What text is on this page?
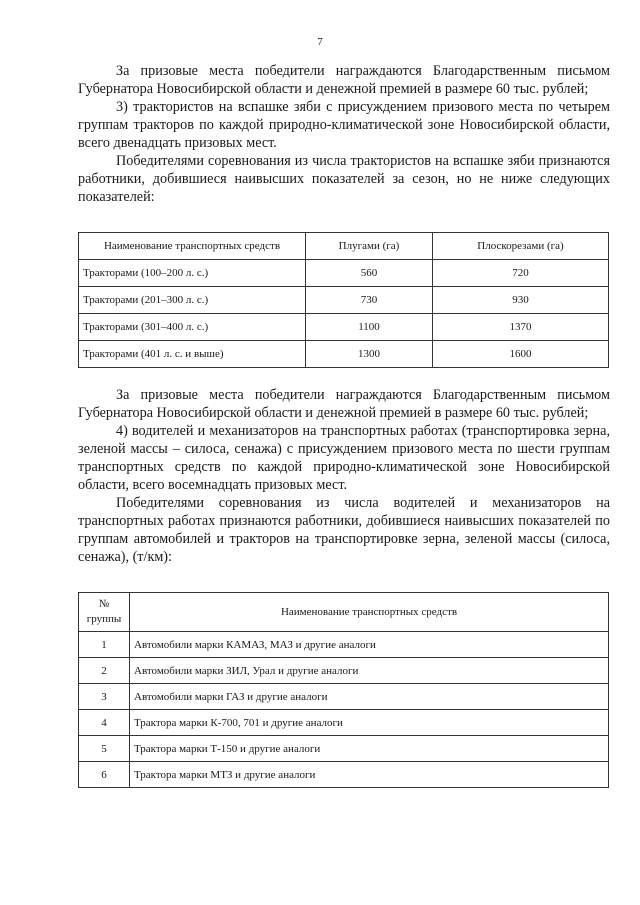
7

За призовые места победители награждаются Благодарственным письмом Губернатора Новосибирской области и денежной премией в размере 60 тыс. рублей;

3) трактористов на вспашке зяби с присуждением призового места по четырем группам тракторов по каждой природно-климатической зоне Новосибирской области, всего двенадцать призовых мест.

Победителями соревнования из числа трактористов на вспашке зяби признаются работники, добившиеся наивысших показателей за сезон, но не ниже следующих показателей:

Наименование транспортных средств	Плугами (га)	Плоскорезами (га)
Тракторами (100–200 л. с.)	560	720
Тракторами (201–300 л. с.)	730	930
Тракторами (301–400 л. с.)	1100	1370
Тракторами (401 л. с. и выше)	1300	1600

За призовые места победители награждаются Благодарственным письмом Губернатора Новосибирской области и денежной премией в размере 60 тыс. рублей;

4) водителей и механизаторов на транспортных работах (транспортировка зерна, зеленой массы – силоса, сенажа) с присуждением призового места по шести группам транспортных средств по каждой природно-климатической зоне Новосибирской области, всего восемнадцать призовых мест.

Победителями соревнования из числа водителей и механизаторов на транспортных работах признаются работники, добившиеся наивысших показателей по группам автомобилей и тракторов на транспортировке зерна, зеленой массы (силоса, сенажа), (т/км):

№ группы	Наименование транспортных средств
1	Автомобили марки КАМАЗ, МАЗ и другие аналоги
2	Автомобили марки ЗИЛ, Урал и другие аналоги
3	Автомобили марки ГАЗ и другие аналоги
4	Трактора марки К-700, 701 и другие аналоги
5	Трактора марки Т-150 и другие аналоги
6	Трактора марки МТЗ и другие аналоги
